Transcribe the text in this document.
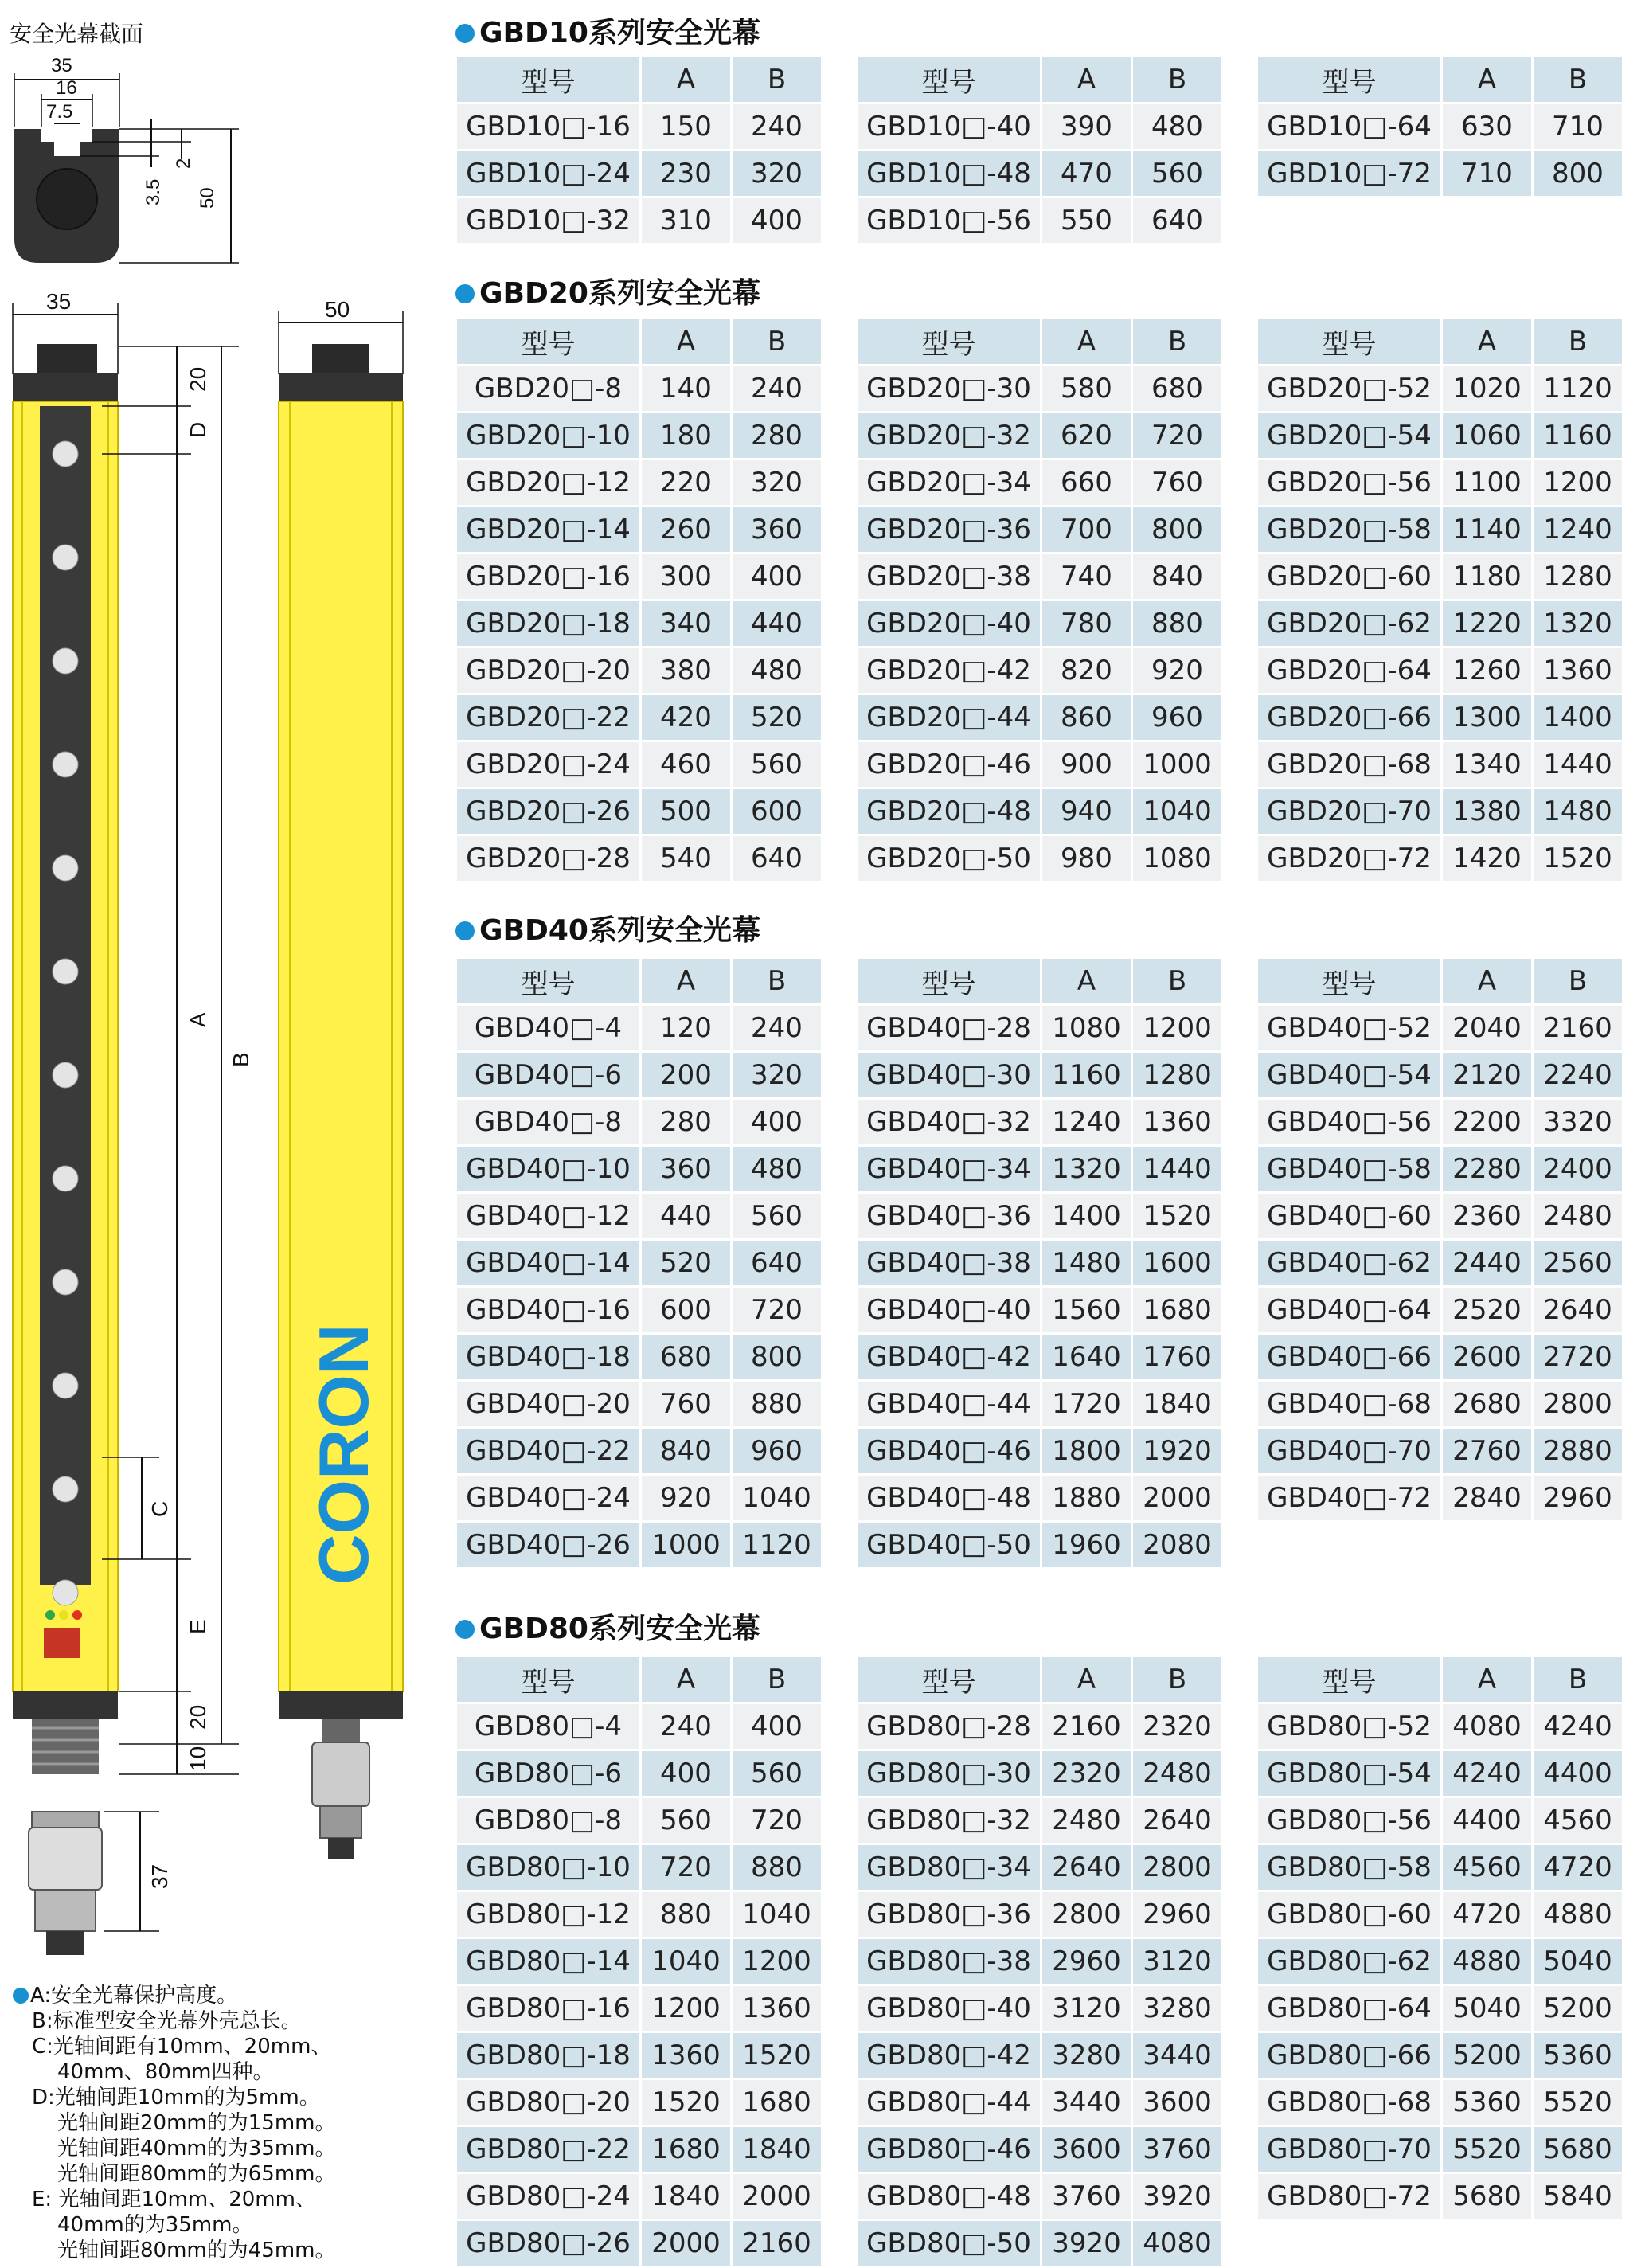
安全光幕截面
35
16
7.5
3.5
2
50
35
20
D
A
B
C
E
20
10
50
CORON
37
A:安全光幕保护高度。
B:标准型安全光幕外壳总长。
C:光轴间距有10mm、20mm、
40mm、80mm四种。
D:光轴间距10mm的为5mm。
光轴间距20mm的为15mm。
光轴间距40mm的为35mm。
光轴间距80mm的为65mm。
E: 光轴间距10mm、20mm、
40mm的为35mm。
光轴间距80mm的为45mm。
GBD10系列安全光幕
GBD20系列安全光幕
GBD40系列安全光幕
GBD80系列安全光幕
型号	A	B
GBD10□-16	150	240
GBD10□-24	230	320
GBD10□-32	310	400
型号	A	B
GBD10□-40	390	480
GBD10□-48	470	560
GBD10□-56	550	640
型号	A	B
GBD10□-64	630	710
GBD10□-72	710	800
型号	A	B
GBD20□-8	140	240
GBD20□-10	180	280
GBD20□-12	220	320
GBD20□-14	260	360
GBD20□-16	300	400
GBD20□-18	340	440
GBD20□-20	380	480
GBD20□-22	420	520
GBD20□-24	460	560
GBD20□-26	500	600
GBD20□-28	540	640
型号	A	B
GBD20□-30	580	680
GBD20□-32	620	720
GBD20□-34	660	760
GBD20□-36	700	800
GBD20□-38	740	840
GBD20□-40	780	880
GBD20□-42	820	920
GBD20□-44	860	960
GBD20□-46	900	1000
GBD20□-48	940	1040
GBD20□-50	980	1080
型号	A	B
GBD20□-52	1020	1120
GBD20□-54	1060	1160
GBD20□-56	1100	1200
GBD20□-58	1140	1240
GBD20□-60	1180	1280
GBD20□-62	1220	1320
GBD20□-64	1260	1360
GBD20□-66	1300	1400
GBD20□-68	1340	1440
GBD20□-70	1380	1480
GBD20□-72	1420	1520
型号	A	B
GBD40□-4	120	240
GBD40□-6	200	320
GBD40□-8	280	400
GBD40□-10	360	480
GBD40□-12	440	560
GBD40□-14	520	640
GBD40□-16	600	720
GBD40□-18	680	800
GBD40□-20	760	880
GBD40□-22	840	960
GBD40□-24	920	1040
GBD40□-26	1000	1120
型号	A	B
GBD40□-28	1080	1200
GBD40□-30	1160	1280
GBD40□-32	1240	1360
GBD40□-34	1320	1440
GBD40□-36	1400	1520
GBD40□-38	1480	1600
GBD40□-40	1560	1680
GBD40□-42	1640	1760
GBD40□-44	1720	1840
GBD40□-46	1800	1920
GBD40□-48	1880	2000
GBD40□-50	1960	2080
型号	A	B
GBD40□-52	2040	2160
GBD40□-54	2120	2240
GBD40□-56	2200	3320
GBD40□-58	2280	2400
GBD40□-60	2360	2480
GBD40□-62	2440	2560
GBD40□-64	2520	2640
GBD40□-66	2600	2720
GBD40□-68	2680	2800
GBD40□-70	2760	2880
GBD40□-72	2840	2960
型号	A	B
GBD80□-4	240	400
GBD80□-6	400	560
GBD80□-8	560	720
GBD80□-10	720	880
GBD80□-12	880	1040
GBD80□-14	1040	1200
GBD80□-16	1200	1360
GBD80□-18	1360	1520
GBD80□-20	1520	1680
GBD80□-22	1680	1840
GBD80□-24	1840	2000
GBD80□-26	2000	2160
型号	A	B
GBD80□-28	2160	2320
GBD80□-30	2320	2480
GBD80□-32	2480	2640
GBD80□-34	2640	2800
GBD80□-36	2800	2960
GBD80□-38	2960	3120
GBD80□-40	3120	3280
GBD80□-42	3280	3440
GBD80□-44	3440	3600
GBD80□-46	3600	3760
GBD80□-48	3760	3920
GBD80□-50	3920	4080
型号	A	B
GBD80□-52	4080	4240
GBD80□-54	4240	4400
GBD80□-56	4400	4560
GBD80□-58	4560	4720
GBD80□-60	4720	4880
GBD80□-62	4880	5040
GBD80□-64	5040	5200
GBD80□-66	5200	5360
GBD80□-68	5360	5520
GBD80□-70	5520	5680
GBD80□-72	5680	5840
